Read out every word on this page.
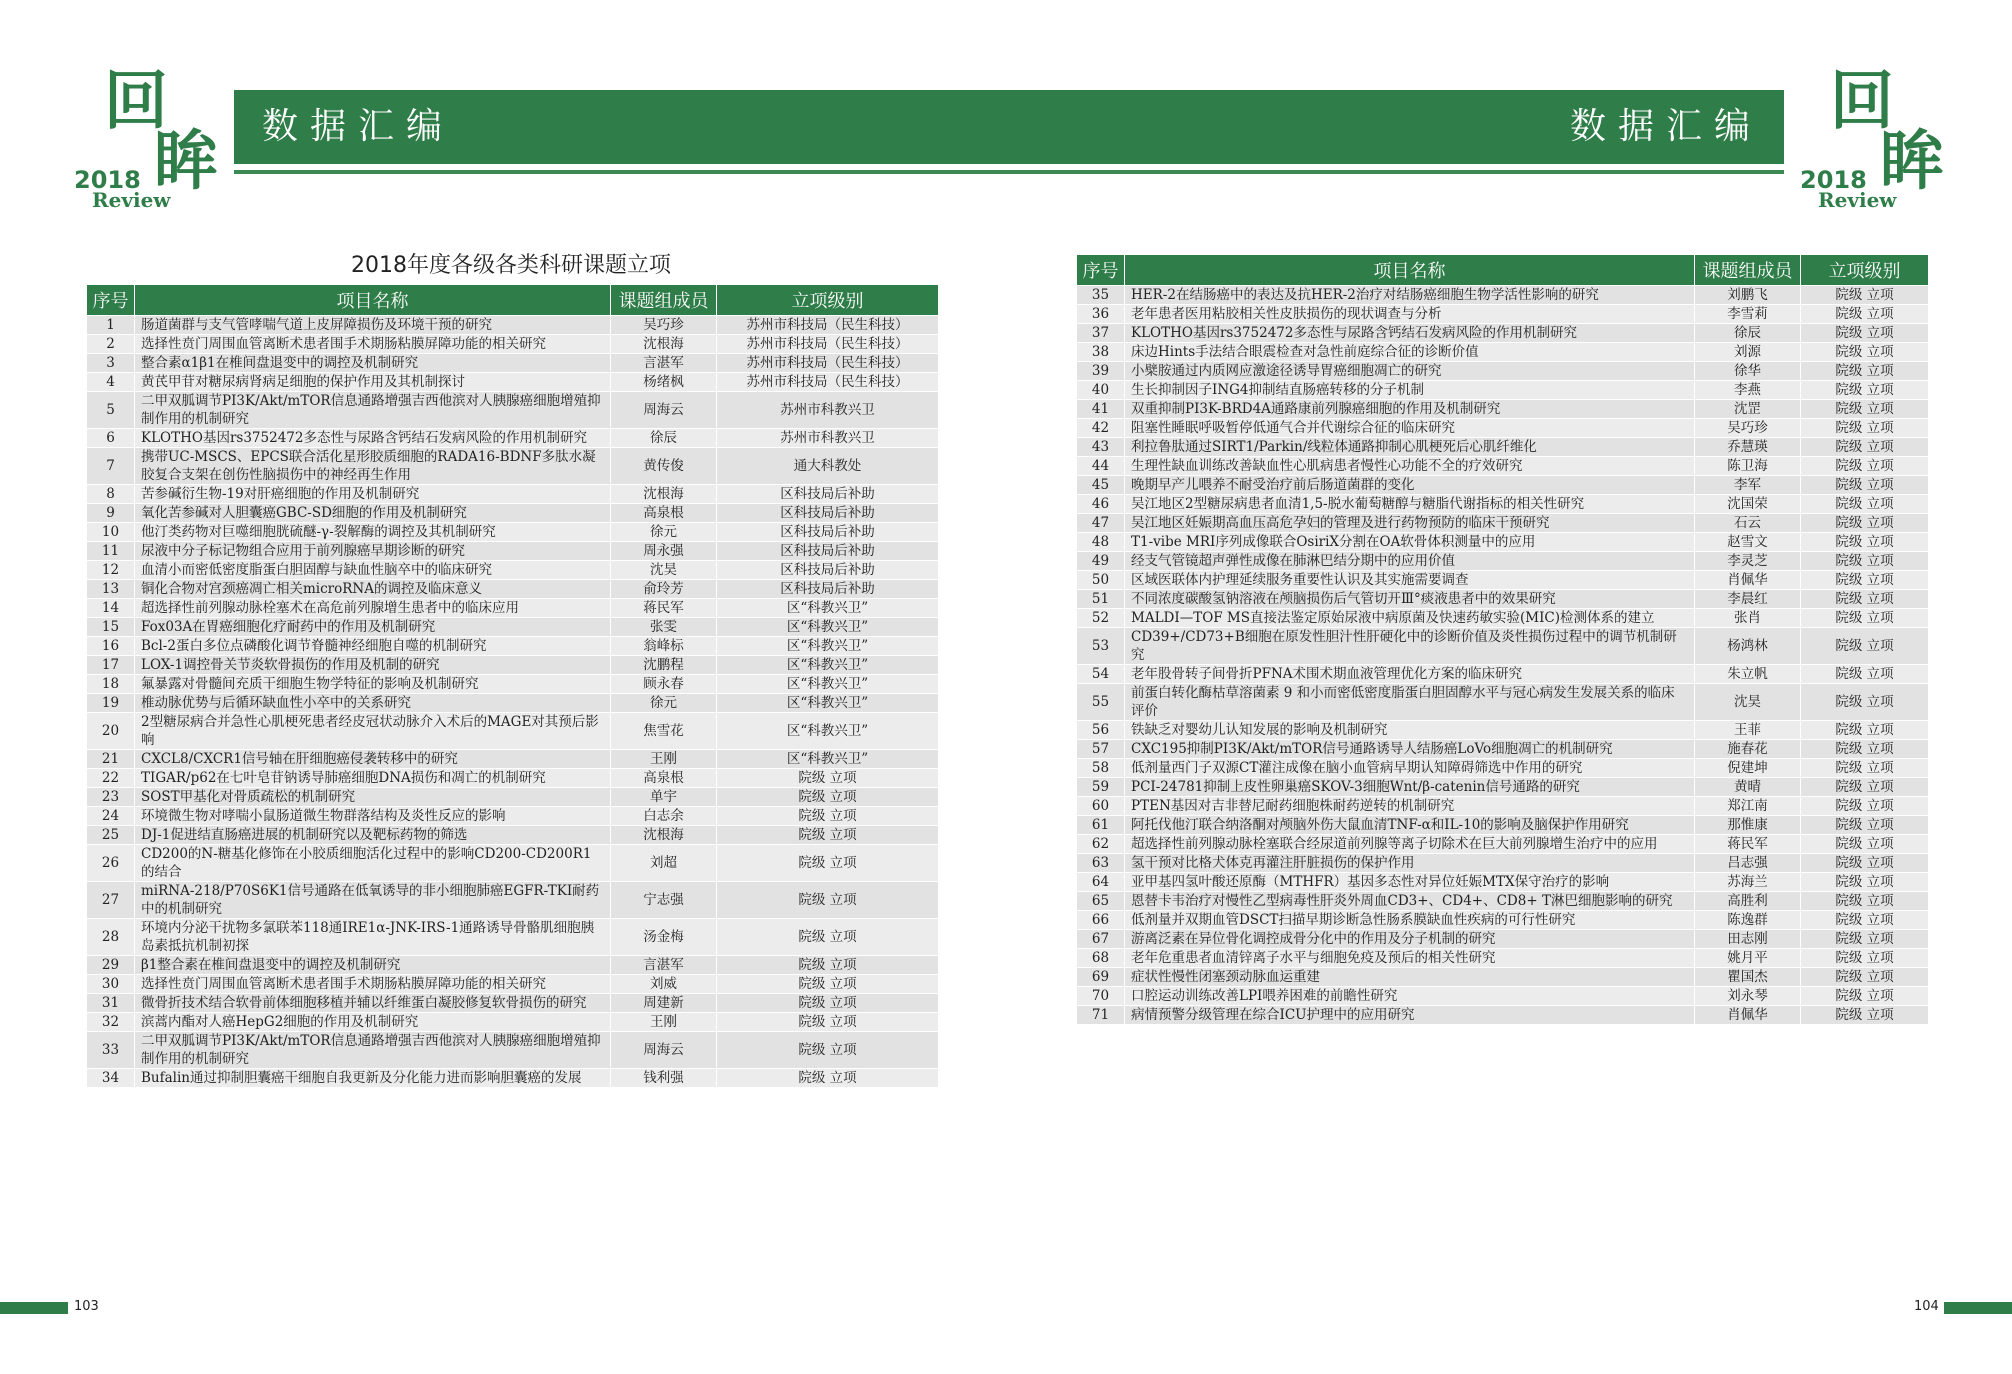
数据汇编	数据汇编
回
眸
2018
Review
回
眸
2018
Review
2018年度各级各类科研课题立项
序号	项目名称	课题组成员	立项级别
1	肠道菌群与支气管哮喘气道上皮屏障损伤及环境干预的研究	吴巧珍	苏州市科技局（民生科技）
2	选择性贲门周围血管离断术患者围手术期肠粘膜屏障功能的相关研究	沈根海	苏州市科技局（民生科技）
3	整合素α1β1在椎间盘退变中的调控及机制研究	言湛军	苏州市科技局（民生科技）
4	黄芪甲苷对糖尿病肾病足细胞的保护作用及其机制探讨	杨绪枫	苏州市科技局（民生科技）
5	二甲双胍调节PI3K/Akt/mTOR信息通路增强吉西他滨对人胰腺癌细胞增殖抑制作用的机制研究	周海云	苏州市科教兴卫
6	KLOTHO基因rs3752472多态性与尿路含钙结石发病风险的作用机制研究	徐辰	苏州市科教兴卫
7	携带UC-MSCS、EPCS联合活化星形胶质细胞的RADA16-BDNF多肽水凝胶复合支架在创伤性脑损伤中的神经再生作用	黄传俊	通大科教处
8	苦参碱衍生物-19对肝癌细胞的作用及机制研究	沈根海	区科技局后补助
9	氧化苦参碱对人胆囊癌GBC-SD细胞的作用及机制研究	高泉根	区科技局后补助
10	他汀类药物对巨噬细胞胱硫醚-γ-裂解酶的调控及其机制研究	徐元	区科技局后补助
11	尿液中分子标记物组合应用于前列腺癌早期诊断的研究	周永强	区科技局后补助
12	血清小而密低密度脂蛋白胆固醇与缺血性脑卒中的临床研究	沈昊	区科技局后补助
13	铜化合物对宫颈癌凋亡相关microRNA的调控及临床意义	俞玲芳	区科技局后补助
14	超选择性前列腺动脉栓塞术在高危前列腺增生患者中的临床应用	蒋民军	区“科教兴卫”
15	Fox03A在胃癌细胞化疗耐药中的作用及机制研究	张雯	区“科教兴卫”
16	Bcl-2蛋白多位点磷酸化调节脊髓神经细胞自噬的机制研究	翁峰标	区“科教兴卫”
17	LOX-1调控骨关节炎软骨损伤的作用及机制的研究	沈鹏程	区“科教兴卫”
18	氟暴露对骨髓间充质干细胞生物学特征的影响及机制研究	顾永春	区“科教兴卫”
19	椎动脉优势与后循环缺血性小卒中的关系研究	徐元	区“科教兴卫”
20	2型糖尿病合并急性心肌梗死患者经皮冠状动脉介入术后的MAGE对其预后影响	焦雪花	区“科教兴卫”
21	CXCL8/CXCR1信号轴在肝细胞癌侵袭转移中的研究	王刚	区“科教兴卫”
22	TIGAR/p62在七叶皂苷钠诱导肺癌细胞DNA损伤和凋亡的机制研究	高泉根	院级 立项
23	SOST甲基化对骨质疏松的机制研究	单宇	院级 立项
24	环境微生物对哮喘小鼠肠道微生物群落结构及炎性反应的影响	白志余	院级 立项
25	DJ-1促进结直肠癌进展的机制研究以及靶标药物的筛选	沈根海	院级 立项
26	CD200的N-糖基化修饰在小胶质细胞活化过程中的影响CD200-CD200R1的结合	刘超	院级 立项
27	miRNA-218/P70S6K1信号通路在低氧诱导的非小细胞肺癌EGFR-TKI耐药中的机制研究	宁志强	院级 立项
28	环境内分泌干扰物多氯联苯118通IRE1α-JNK-IRS-1通路诱导骨骼肌细胞胰岛素抵抗机制初探	汤金梅	院级 立项
29	β1整合素在椎间盘退变中的调控及机制研究	言湛军	院级 立项
30	选择性贲门周围血管离断术患者围手术期肠粘膜屏障功能的相关研究	刘威	院级 立项
31	微骨折技术结合软骨前体细胞移植并辅以纤维蛋白凝胶修复软骨损伤的研究	周建新	院级 立项
32	滨蒿内酯对人癌HepG2细胞的作用及机制研究	王刚	院级 立项
33	二甲双胍调节PI3K/Akt/mTOR信息通路增强吉西他滨对人胰腺癌细胞增殖抑制作用的机制研究	周海云	院级 立项
34	Bufalin通过抑制胆囊癌干细胞自我更新及分化能力进而影响胆囊癌的发展	钱利强	院级 立项
序号	项目名称	课题组成员	立项级别
35	HER-2在结肠癌中的表达及抗HER-2治疗对结肠癌细胞生物学活性影响的研究	刘鹏飞	院级 立项
36	老年患者医用粘胶相关性皮肤损伤的现状调查与分析	李雪莉	院级 立项
37	KLOTHO基因rs3752472多态性与尿路含钙结石发病风险的作用机制研究	徐辰	院级 立项
38	床边Hints手法结合眼震检查对急性前庭综合征的诊断价值	刘源	院级 立项
39	小檗胺通过内质网应激途径诱导胃癌细胞凋亡的研究	徐华	院级 立项
40	生长抑制因子ING4抑制结直肠癌转移的分子机制	李燕	院级 立项
41	双重抑制PI3K-BRD4A通路康前列腺癌细胞的作用及机制研究	沈罡	院级 立项
42	阻塞性睡眠呼吸暂停低通气合并代谢综合征的临床研究	吴巧珍	院级 立项
43	利拉鲁肽通过SIRT1/Parkin/线粒体通路抑制心肌梗死后心肌纤维化	乔慧瑛	院级 立项
44	生理性缺血训练改善缺血性心肌病患者慢性心功能不全的疗效研究	陈卫海	院级 立项
45	晚期早产儿喂养不耐受治疗前后肠道菌群的变化	李军	院级 立项
46	吴江地区2型糖尿病患者血清1,5-脱水葡萄糖醇与糖脂代谢指标的相关性研究	沈国荣	院级 立项
47	吴江地区妊娠期高血压高危孕妇的管理及进行药物预防的临床干预研究	石云	院级 立项
48	T1-vibe MRI序列成像联合OsiriX分割在OA软骨体积测量中的应用	赵雪文	院级 立项
49	经支气管镜超声弹性成像在肺淋巴结分期中的应用价值	李灵芝	院级 立项
50	区域医联体内护理延续服务重要性认识及其实施需要调查	肖佩华	院级 立项
51	不同浓度碳酸氢钠溶液在颅脑损伤后气管切开Ⅲ°痰液患者中的效果研究	李晨红	院级 立项
52	MALDI—TOF MS直接法鉴定原始尿液中病原菌及快速药敏实验(MIC)检测体系的建立	张肖	院级 立项
53	CD39+/CD73+B细胞在原发性胆汁性肝硬化中的诊断价值及炎性损伤过程中的调节机制研究	杨鸿林	院级 立项
54	老年股骨转子间骨折PFNA术围术期血液管理优化方案的临床研究	朱立帆	院级 立项
55	前蛋白转化酶枯草溶菌素 9 和小而密低密度脂蛋白胆固醇水平与冠心病发生发展关系的临床评价	沈昊	院级 立项
56	铁缺乏对婴幼儿认知发展的影响及机制研究	王菲	院级 立项
57	CXC195抑制PI3K/Akt/mTOR信号通路诱导人结肠癌LoVo细胞凋亡的机制研究	施春花	院级 立项
58	低剂量西门子双源CT灌注成像在脑小血管病早期认知障碍筛选中作用的研究	倪建坤	院级 立项
59	PCI-24781抑制上皮性卵巢癌SKOV-3细胞Wnt/β-catenin信号通路的研究	黄晴	院级 立项
60	PTEN基因对吉非替尼耐药细胞株耐药逆转的机制研究	郑江南	院级 立项
61	阿托伐他汀联合纳洛酮对颅脑外伤大鼠血清TNF-α和IL-10的影响及脑保护作用研究	那惟康	院级 立项
62	超选择性前列腺动脉栓塞联合经尿道前列腺等离子切除术在巨大前列腺增生治疗中的应用	蒋民军	院级 立项
63	氢干预对比格犬体克再灌注肝脏损伤的保护作用	吕志强	院级 立项
64	亚甲基四氢叶酸还原酶（MTHFR）基因多态性对异位妊娠MTX保守治疗的影响	苏海兰	院级 立项
65	恩替卡韦治疗对慢性乙型病毒性肝炎外周血CD3+、CD4+、CD8+ T淋巴细胞影响的研究	高胜利	院级 立项
66	低剂量并双期血管DSCT扫描早期诊断急性肠系膜缺血性疾病的可行性研究	陈逸群	院级 立项
67	游离泛素在异位骨化调控成骨分化中的作用及分子机制的研究	田志刚	院级 立项
68	老年危重患者血清锌离子水平与细胞免疫及预后的相关性研究	姚月平	院级 立项
69	症状性慢性闭塞颈动脉血运重建	瞿国杰	院级 立项
70	口腔运动训练改善LPI喂养困难的前瞻性研究	刘永琴	院级 立项
71	病情预警分级管理在综合ICU护理中的应用研究	肖佩华	院级 立项
103	104
